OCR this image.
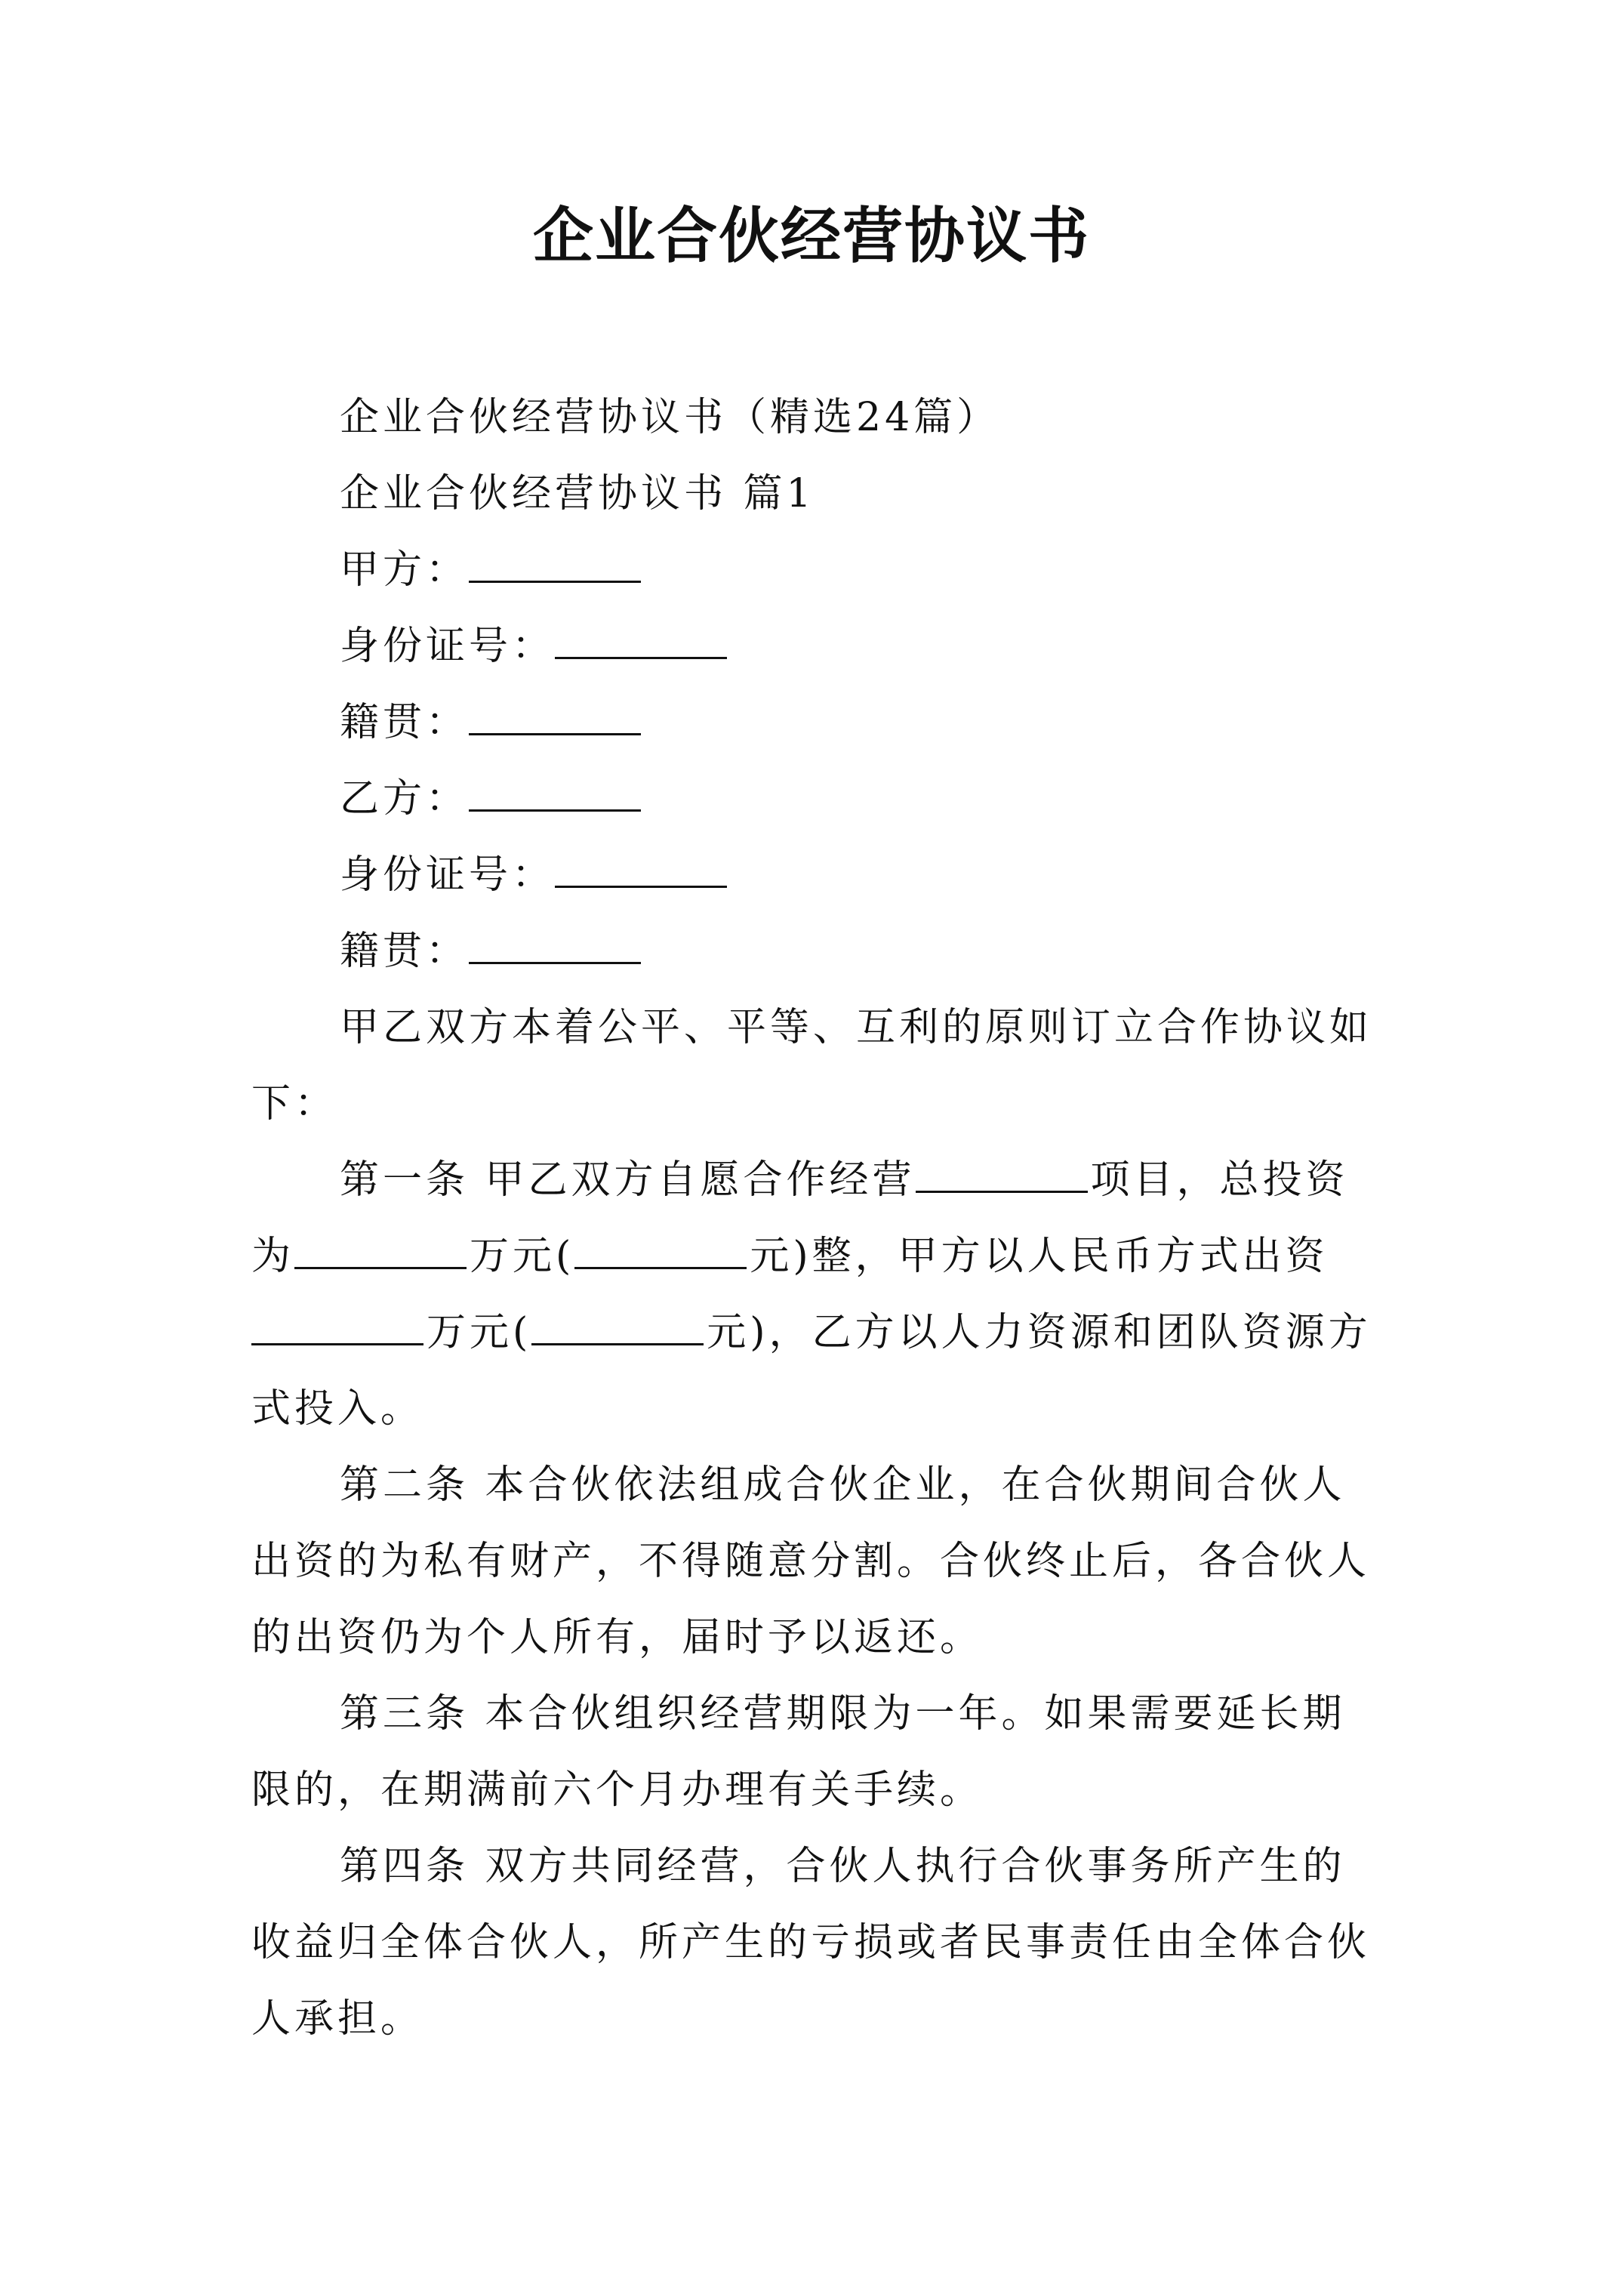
企业合伙经营协议书
企业合伙经营协议书（精选24篇）
企业合伙经营协议书 篇1
甲方：
身份证号：
籍贯：
乙方：
身份证号：
籍贯：
甲乙双方本着公平、平等、互利的原则订立合作协议如
下：
第一条 甲乙双方自愿合作经营	项目，总投资
为	万元(	元)整，甲方以人民币方式出资
万元(	元)，乙方以人力资源和团队资源方
式投入。
第二条 本合伙依法组成合伙企业，在合伙期间合伙人
出资的为私有财产，不得随意分割。合伙终止后，各合伙人
的出资仍为个人所有，届时予以返还。
第三条 本合伙组织经营期限为一年。如果需要延长期
限的，在期满前六个月办理有关手续。
第四条 双方共同经营，合伙人执行合伙事务所产生的
收益归全体合伙人，所产生的亏损或者民事责任由全体合伙
人承担。
